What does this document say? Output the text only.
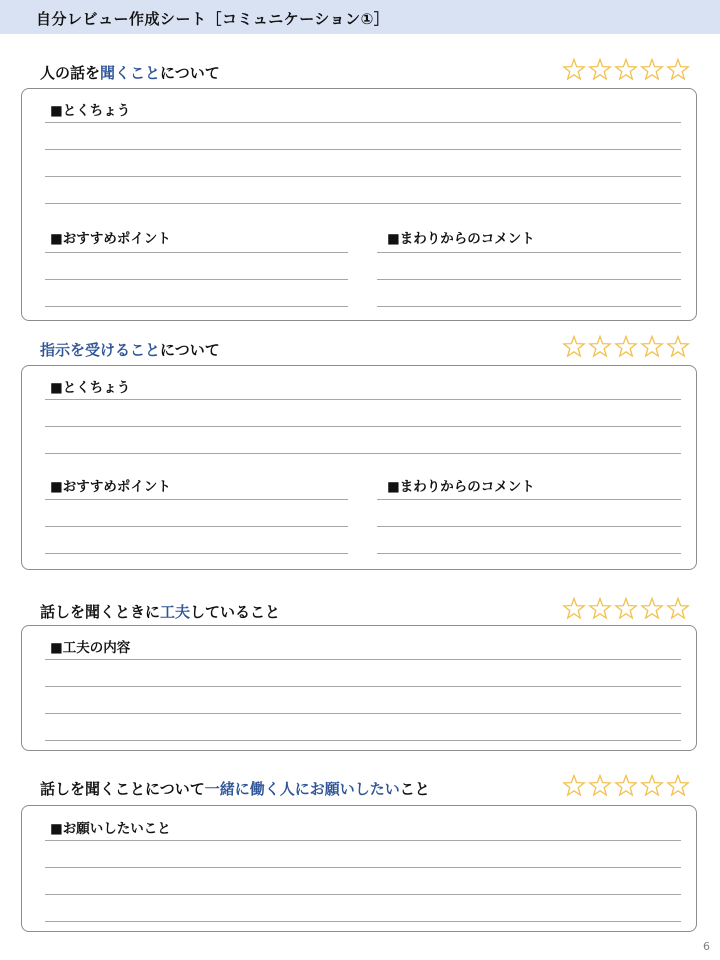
自分レビュー作成シート［コミュニケーション①］
人の話を聞くことについて
■とくちょう
■おすすめポイント	■まわりからのコメント
指示を受けることについて
■とくちょう
■おすすめポイント	■まわりからのコメント
話しを聞くときに工夫していること
■工夫の内容
話しを聞くことについて一緒に働く人にお願いしたいこと
■お願いしたいこと
6
